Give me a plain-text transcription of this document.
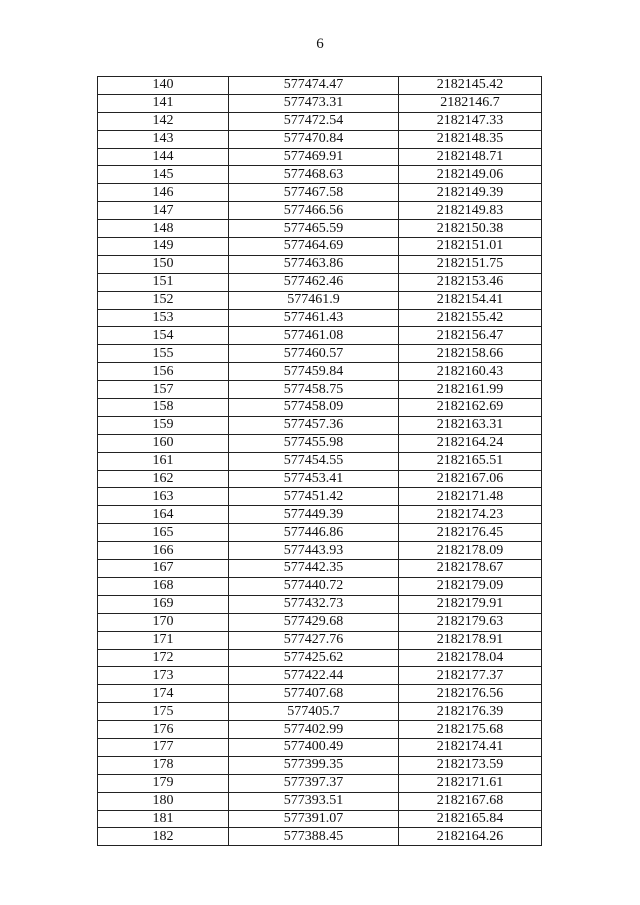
6
140	577474.47	2182145.42
141	577473.31	2182146.7
142	577472.54	2182147.33
143	577470.84	2182148.35
144	577469.91	2182148.71
145	577468.63	2182149.06
146	577467.58	2182149.39
147	577466.56	2182149.83
148	577465.59	2182150.38
149	577464.69	2182151.01
150	577463.86	2182151.75
151	577462.46	2182153.46
152	577461.9	2182154.41
153	577461.43	2182155.42
154	577461.08	2182156.47
155	577460.57	2182158.66
156	577459.84	2182160.43
157	577458.75	2182161.99
158	577458.09	2182162.69
159	577457.36	2182163.31
160	577455.98	2182164.24
161	577454.55	2182165.51
162	577453.41	2182167.06
163	577451.42	2182171.48
164	577449.39	2182174.23
165	577446.86	2182176.45
166	577443.93	2182178.09
167	577442.35	2182178.67
168	577440.72	2182179.09
169	577432.73	2182179.91
170	577429.68	2182179.63
171	577427.76	2182178.91
172	577425.62	2182178.04
173	577422.44	2182177.37
174	577407.68	2182176.56
175	577405.7	2182176.39
176	577402.99	2182175.68
177	577400.49	2182174.41
178	577399.35	2182173.59
179	577397.37	2182171.61
180	577393.51	2182167.68
181	577391.07	2182165.84
182	577388.45	2182164.26
